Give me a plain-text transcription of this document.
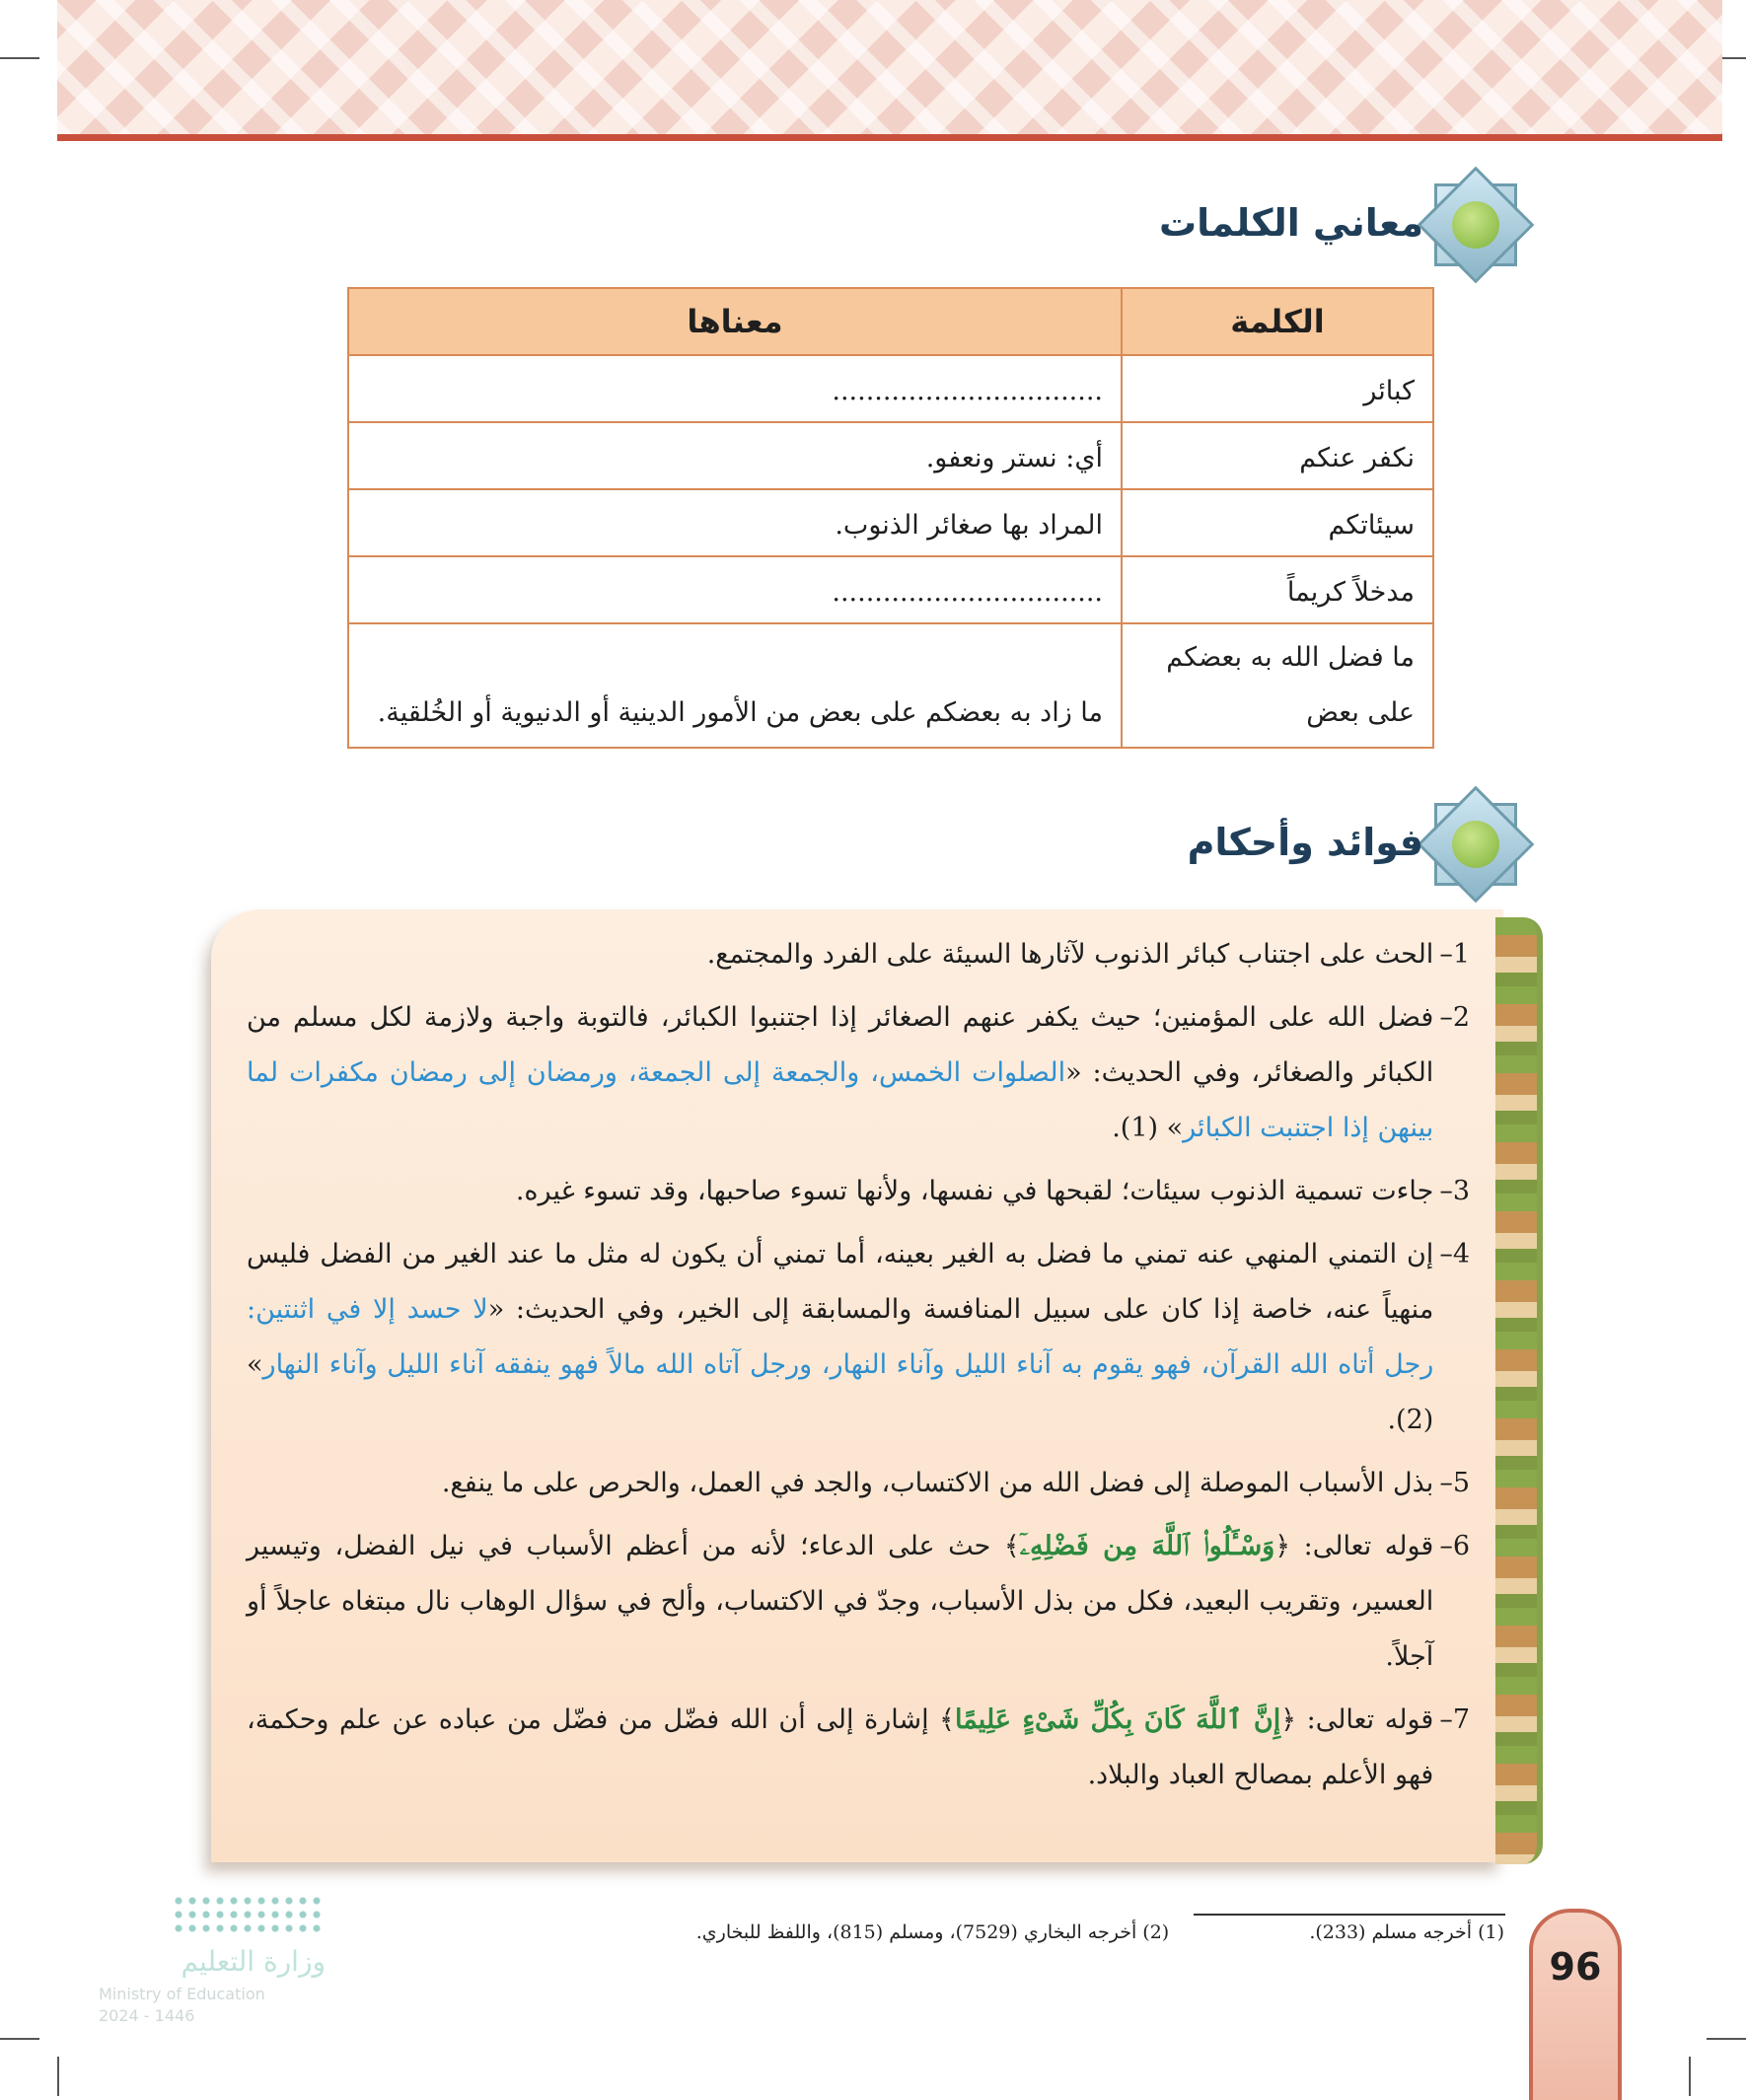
معاني الكلمات
الكلمة	معناها
كبائر	................................
نكفر عنكم	أي: نستر ونعفو.
سيئاتكم	المراد بها صغائر الذنوب.
مدخلاً كريماً	................................
ما فضل الله به بعضكم على بعض	ما زاد به بعضكم على بعض من الأمور الدينية أو الدنيوية أو الخُلقية.
فوائد وأحكام
1–
الحث على اجتناب كبائر الذنوب لآثارها السيئة على الفرد والمجتمع.
2–
فضل الله على المؤمنين؛ حيث يكفر عنهم الصغائر إذا اجتنبوا الكبائر، فالتوبة واجبة ولازمة لكل مسلم من الكبائر والصغائر، وفي الحديث: «الصلوات الخمس، والجمعة إلى الجمعة، ورمضان إلى رمضان مكفرات لما بينهن إذا اجتنبت الكبائر» (1).
3–
جاءت تسمية الذنوب سيئات؛ لقبحها في نفسها، ولأنها تسوء صاحبها، وقد تسوء غيره.
4–
إن التمني المنهي عنه تمني ما فضل به الغير بعينه، أما تمني أن يكون له مثل ما عند الغير من الفضل فليس منهياً عنه، خاصة إذا كان على سبيل المنافسة والمسابقة إلى الخير، وفي الحديث: «لا حسد إلا في اثنتين: رجل أتاه الله القرآن، فهو يقوم به آناء الليل وآناء النهار، ورجل آتاه الله مالاً فهو ينفقه آناء الليل وآناء النهار» (2).
5–
بذل الأسباب الموصلة إلى فضل الله من الاكتساب، والجد في العمل، والحرص على ما ينفع.
6–
قوله تعالى: ﴿وَسْـَٔلُوا۟ ٱللَّهَ مِن فَضْلِهِۦٓ﴾ حث على الدعاء؛ لأنه من أعظم الأسباب في نيل الفضل، وتيسير العسير، وتقريب البعيد، فكل من بذل الأسباب، وجدّ في الاكتساب، وألح في سؤال الوهاب نال مبتغاه عاجلاً أو آجلاً.
7–
قوله تعالى: ﴿إِنَّ ٱللَّهَ كَانَ بِكُلِّ شَىْءٍ عَلِيمًا﴾ إشارة إلى أن الله فضّل من فضّل من عباده عن علم وحكمة، فهو الأعلم بمصالح العباد والبلاد.
(1) أخرجه مسلم (233).  (2) أخرجه البخاري (7529)، ومسلم (815)، واللفظ للبخاري.
96
وزارة التعليم
Ministry of Education
2024 - 1446
